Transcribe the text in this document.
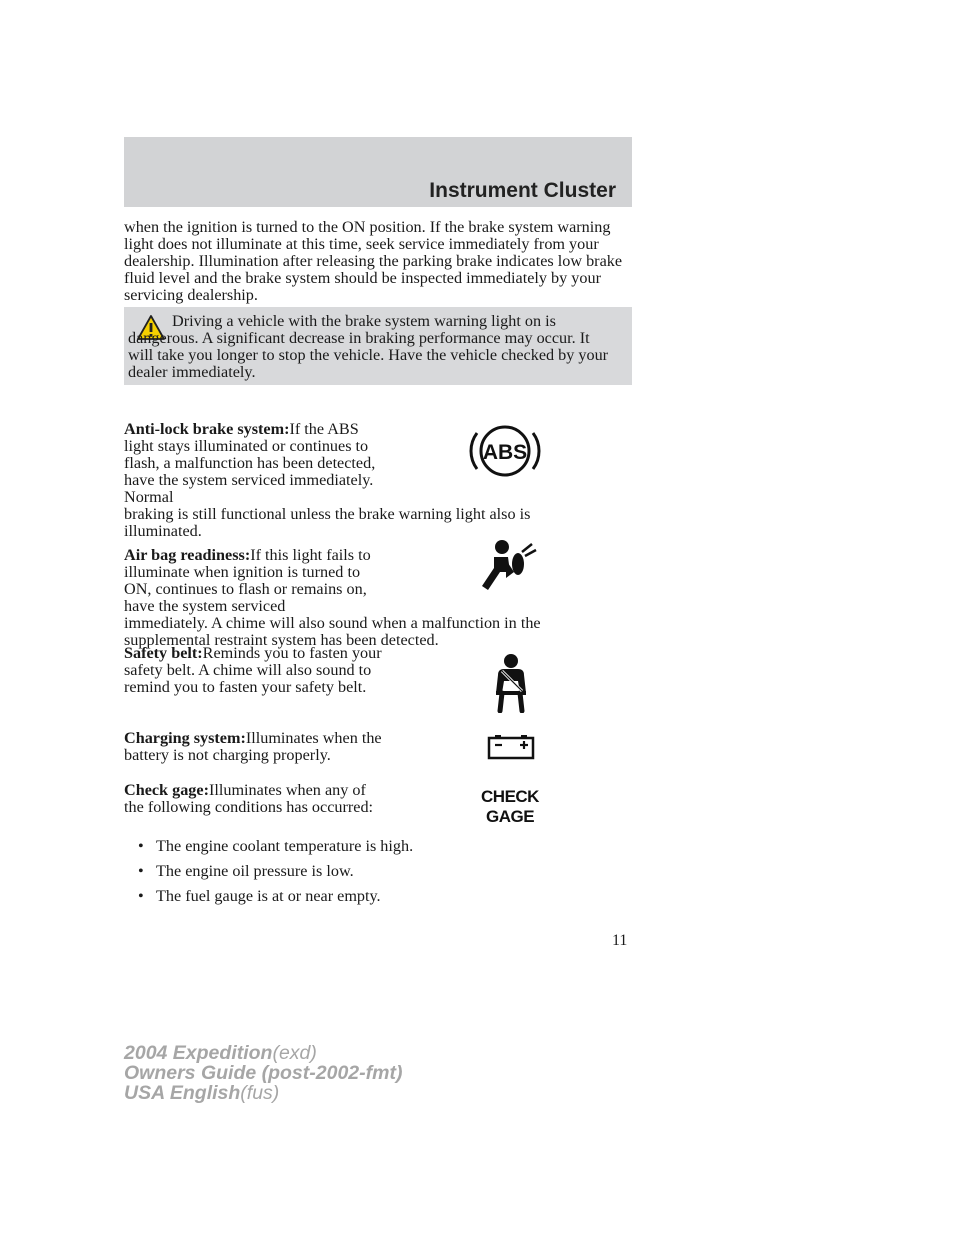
Instrument Cluster

when the ignition is turned to the ON position. If the brake system warning light does not illuminate at this time, seek service immediately from your dealership. Illumination after releasing the parking brake indicates low brake fluid level and the brake system should be inspected immediately by your servicing dealership.

Driving a vehicle with the brake system warning light on is dangerous. A significant decrease in braking performance may occur. It will take you longer to stop the vehicle. Have the vehicle checked by your dealer immediately.

Anti-lock brake system:If the ABS light stays illuminated or continues to flash, a malfunction has been detected, have the system serviced immediately. Normal
braking is still functional unless the brake warning light also is illuminated.

ABS

Air bag readiness:If this light fails to illuminate when ignition is turned to ON, continues to flash or remains on, have the system serviced
immediately. A chime will also sound when a malfunction in the supplemental restraint system has been detected.

Safety belt:Reminds you to fasten your safety belt. A chime will also sound to remind you to fasten your safety belt.

Charging system:Illuminates when the battery is not charging properly.

Check gage:Illuminates when any of the following conditions has occurred:

CHECK
GAGE
• The engine coolant temperature is high.
• The engine oil pressure is low.
• The fuel gauge is at or near empty.
11
2004 Expedition(exd)
Owners Guide (post-2002-fmt)
USA English(fus)
